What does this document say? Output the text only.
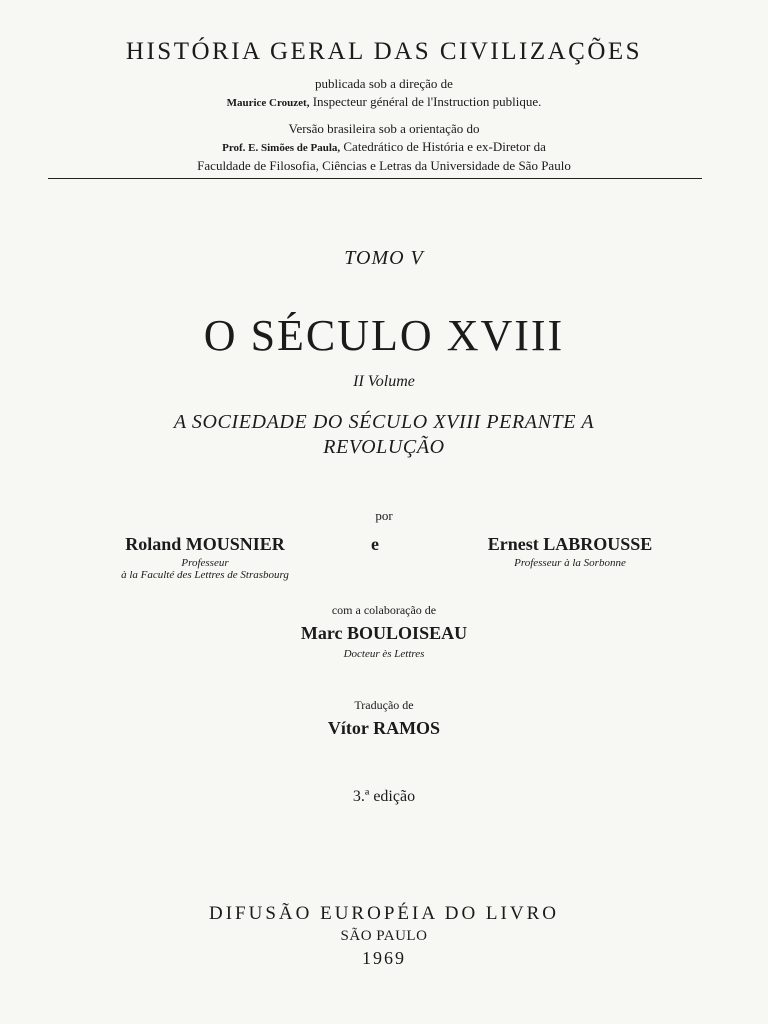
HISTÓRIA GERAL DAS CIVILIZAÇÕES
publicada sob a direção de
Maurice Crouzet, Inspecteur général de l'Instruction publique.
Versão brasileira sob a orientação do
Prof. E. Simões de Paula, Catedrático de História e ex-Diretor da
Faculdade de Filosofia, Ciências e Letras da Universidade de São Paulo
TOMO V
O SÉCULO XVIII
II Volume
A SOCIEDADE DO SÉCULO XVIII PERANTE A
REVOLUÇÃO
por
Roland MOUSNIER
Professeur
à la Faculté des Lettres de Strasbourg
e	Ernest LABROUSSE
Professeur à la Sorbonne
com a colaboração de
Marc BOULOISEAU
Docteur ès Lettres
Tradução de
Vítor RAMOS
3.ª edição
DIFUSÃO EUROPÉIA DO LIVRO
SÃO PAULO
1969
